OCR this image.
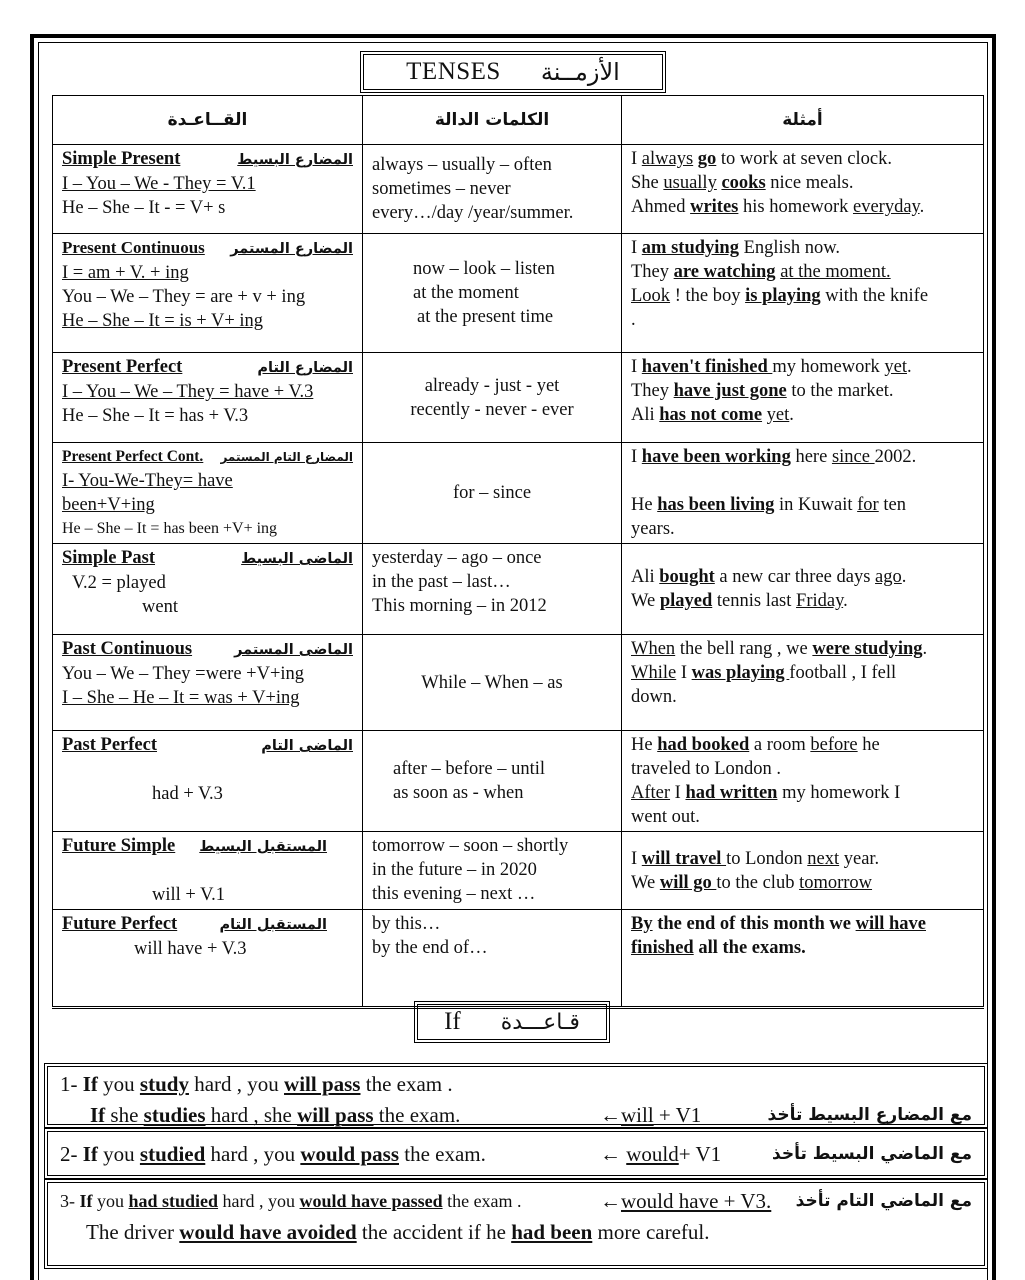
TENSES الأزمــنة
القــاعـدة	الكلمات الدالة	أمثلة

Simple Present المضارع البسيط
I – You – We - They = V.1
He – She – It - = V+ s	always – usually – often
sometimes – never
every…/day /year/summer.	I always go to work at seven clock.
She usually cooks nice meals.
Ahmed writes his homework everyday.

Present Continuous المضارع المستمر
I = am + V. + ing
You – We – They = are + v + ing
He – She – It = is + V+ ing	now – look – listen
at the moment
at the present time	I am studying English now.
They are watching at the moment.
Look ! the boy is playing with the knife
.

Present Perfect المضارع التام
I – You – We – They = have + V.3
He – She – It = has + V.3	already - just - yet
recently - never - ever	I haven't finished my homework yet.
They have just gone to the market.
Ali has not come yet.

Present Perfect Cont. المضارع التام المستمر
I- You-We-They= have
been+V+ing
He – She – It = has been +V+ ing	for – since	I have been working here since 2002.
He has been living in Kuwait for ten
years.

Simple Past الماضى البسيط
V.2 = played
went	yesterday – ago – once
in the past – last…
This morning – in 2012	Ali bought a new car three days ago.
We played tennis last Friday.

Past Continuous الماضى المستمر
You – We – They =were +V+ing
I – She – He – It = was + V+ing	While – When – as	When the bell rang , we were studying.
While I was playing football , I fell
down.

Past Perfect الماضى التام
had + V.3	after – before – until
as soon as - when	He had booked a room before he
traveled to London .
After I had written my homework I
went out.

Future Simple المستقبل البسيط
will + V.1	tomorrow – soon – shortly
in the future – in 2020
this evening – next …	I will travel to London next year.
We will go to the club tomorrow

Future Perfect المستقبل التام
will have + V.3	by this…
by the end of…	By the end of this month we will have
finished all the exams.
If قـاعـــدة
1- If you study hard , you will pass the exam .
If she studies hard , she will pass the exam.	←will + V1	مع المضارع البسيط تأخذ
2- If you studied hard , you would pass the exam.	← would+ V1	مع الماضي البسيط تأخذ
3- If you had studied hard , you would have passed the exam .	←would have + V3. مع الماضي التام تأخذ
The driver would have avoided the accident if he had been more careful.
